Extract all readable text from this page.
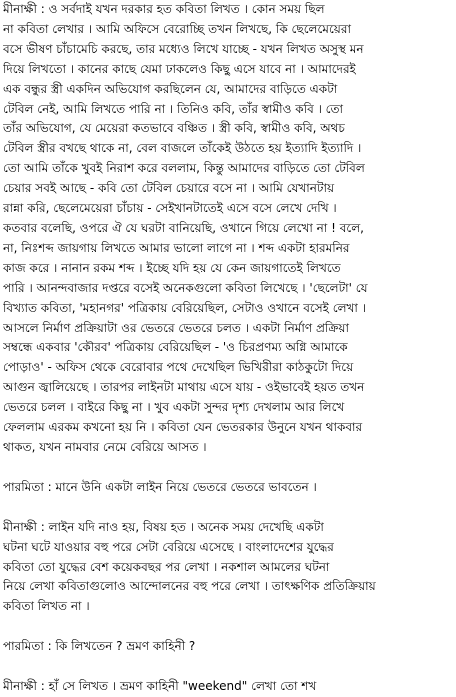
মীনাক্ষী : ও সর্বদাই যখন দরকার হত কবিতা লিখত । কোন সময় ছিল
না কবিতা লেখার । আমি অফিসে বেরোচ্ছি তখন লিখছে, কি ছেলেমেয়েরা
বসে ভীষণ চাঁচামেচি করছে, তার মধ্যেও লিখে যাচ্ছে - যখন লিখত অসুস্থ মন
দিয়ে লিখতো । কানের কাছে যেমা ঢাকলেও কিছু এসে যাবে না । আমাদেরই
এক বন্ধুর স্ত্রী একদিন অভিযোগ করছিলেন যে, আমাদের বাড়িতে একটা
টেবিল নেই, আমি লিখতে পারি না । তিনিও কবি, তাঁর স্বামীও কবি । তো
তাঁর অভিযোগ, যে মেয়েরা কতভাবে বঞ্চিত । স্ত্রী কবি, স্বামীও কবি, অথচ
টেবিল স্ত্রীর বখছে থাকে না, বেল বাজলে তাঁকেই উঠতে হয় ইত্যাদি ইত্যাদি ।
তো আমি তাঁকে খুবই নিরাশ করে বললাম, কিন্তু আমাদের বাড়িতে তো টেবিল
চেয়ার সবই আছে - কবি তো টেবিল চেয়ারে বসে না । আমি যেখানটায়
রান্না করি, ছেলেমেয়েরা চাঁচায় - সেইখানটাতেই এসে বসে লেখে দেখি ।
কতবার বলেছি, ওপরে ঐ যে ঘরটা বানিয়েছি, ওখানে গিয়ে লেখো না ! বলে,
না, নিঃশব্দ জায়গায় লিখতে আমার ভালো লাগে না । শব্দ একটা হারমনির
কাজ করে । নানান রকম শব্দ । ইচ্ছে যদি হয় যে কেন জায়গাতেই লিখতে
পারি । আনন্দবাজার দপ্তরে বসেই অনেকগুলো কবিতা লিখেছে । 'ছেলেটা' যে
বিখ্যাত কবিতা, 'মহানগর' পত্রিকায় বেরিয়েছিল, সেটাও ওখানে বসেই লেখা ।
আসলে নির্মাণ প্রক্রিয়াটা ওর ভেতরে ভেতরে চলত । একটা নির্মাণ প্রক্রিয়া
সম্বন্ধে একবার 'কৌরব' পত্রিকায় বেরিয়েছিল - 'ও চিরপ্রণম্য অগ্নি আমাকে
পোড়াও' - অফিস থেকে বেরোবার পথে দেখেছিল ভিখিরীরা কাঠকুটো দিয়ে
আগুন জ্বালিয়েছে । তারপর লাইনটা মাথায় এসে যায় - ওইভাবেই হয়ত তখন
ভেতরে চলল । বাইরে কিছু না । খুব একটা সুন্দর দৃশ্য দেখলাম আর লিখে
ফেললাম এরকম কখনো হয় নি । কবিতা যেন ভেতরকার উনুনে যখন থাকবার
থাকত, যখন নামবার নেমে বেরিয়ে আসত ।
পারমিতা : মানে উনি একটা লাইন নিয়ে ভেতরে ভেতরে ভাবতেন ।
মীনাক্ষী : লাইন যদি নাও হয়, বিষয় হত । অনেক সময় দেখেছি একটা
ঘটনা ঘটে যাওয়ার বহু পরে সেটা বেরিয়ে এসেছে । বাংলাদেশের যুদ্ধের
কবিতা তো যুদ্ধের বেশ কয়েকবছর পর লেখা । নকশাল আমলের ঘটনা
নিয়ে লেখা কবিতাগুলোও আন্দোলনের বহু পরে লেখা । তাৎক্ষণিক প্রতিক্রিয়ায়
কবিতা লিখত না ।
পারমিতা : কি লিখতেন ? ভ্রমণ কাহিনী ?
মীনাক্ষী : হাঁ সে লিখত । ভ্রমণ কাহিনী "weekend" লেখা তো শখ
